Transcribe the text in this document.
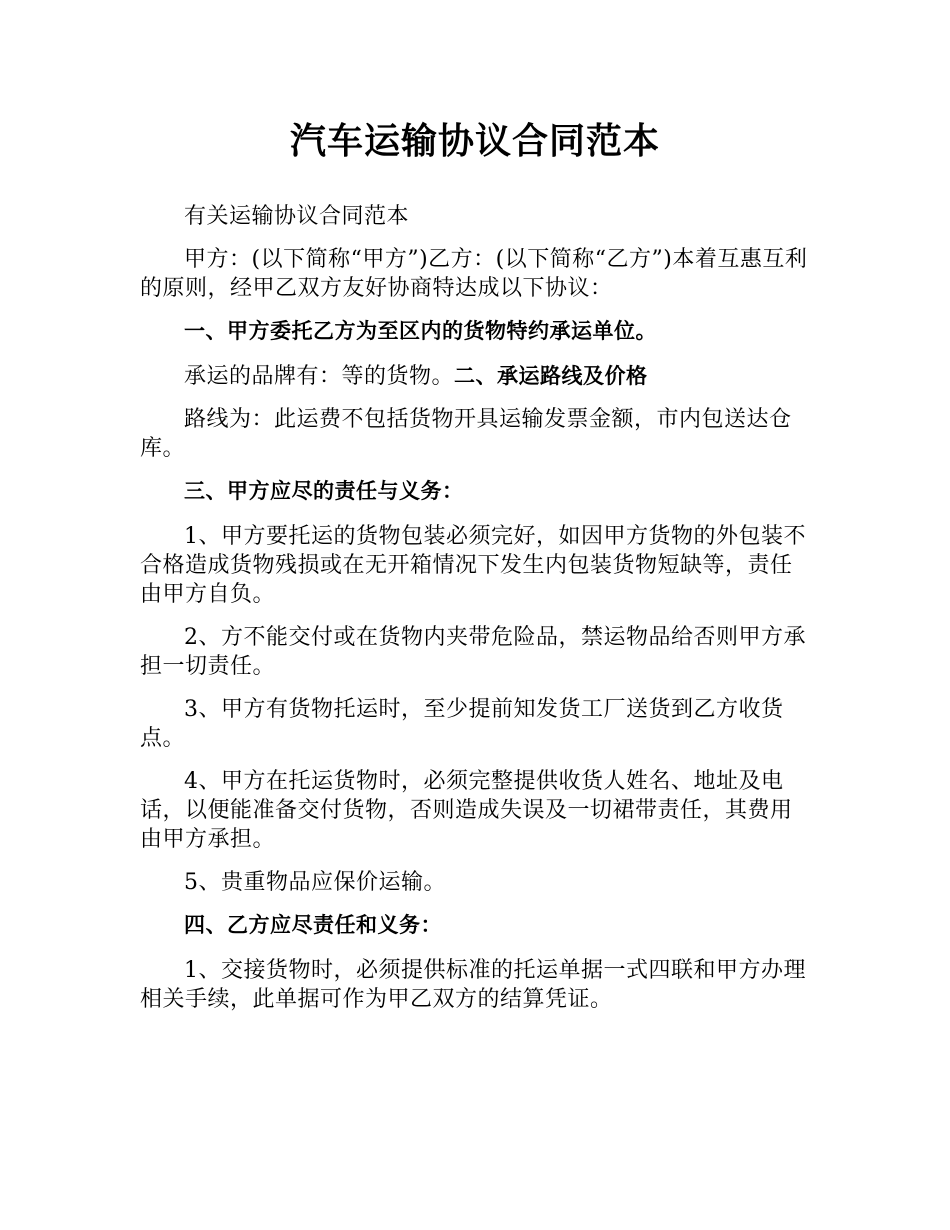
汽车运输协议合同范本

有关运输协议合同范本

甲方：(以下简称“甲方”)乙方：(以下简称“乙方”)本着互惠互利的原则，经甲乙双方友好协商特达成以下协议：

一、甲方委托乙方为至区内的货物特约承运单位。

承运的品牌有：等的货物。二、承运路线及价格

路线为：此运费不包括货物开具运输发票金额，市内包送达仓库。

三、甲方应尽的责任与义务：

1、甲方要托运的货物包装必须完好，如因甲方货物的外包装不合格造成货物残损或在无开箱情况下发生内包装货物短缺等，责任由甲方自负。

2、方不能交付或在货物内夹带危险品，禁运物品给否则甲方承担一切责任。

3、甲方有货物托运时，至少提前知发货工厂送货到乙方收货点。

4、甲方在托运货物时，必须完整提供收货人姓名、地址及电话，以便能准备交付货物，否则造成失误及一切裙带责任，其费用由甲方承担。

5、贵重物品应保价运输。

四、乙方应尽责任和义务：

1、交接货物时，必须提供标准的托运单据一式四联和甲方办理相关手续，此单据可作为甲乙双方的结算凭证。
